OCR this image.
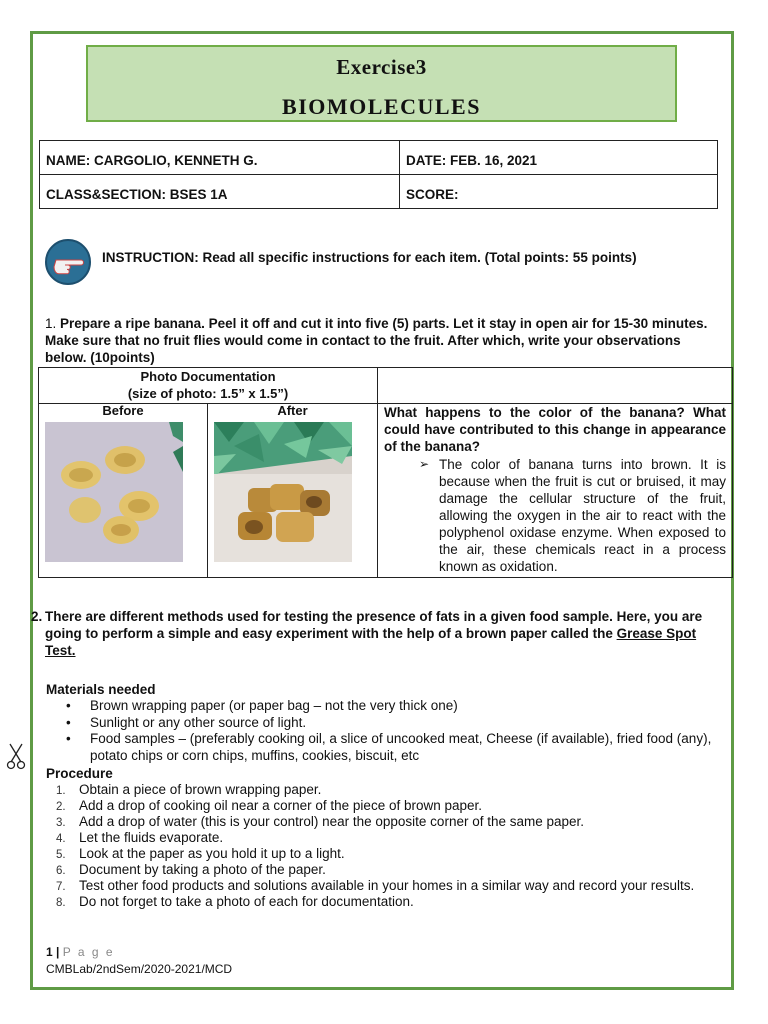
Exercise3
BIOMOLECULES
NAME: CARGOLIO, KENNETH G.	DATE: FEB. 16, 2021
CLASS&SECTION: BSES 1A	SCORE:
INSTRUCTION: Read all specific instructions for each item. (Total points: 55 points)
1. Prepare a ripe banana. Peel it off and cut it into five (5) parts. Let it stay in open air for 15-30 minutes. Make sure that no fruit flies would come in contact to the fruit. After which, write your observations below. (10points)
Photo Documentation
(size of photo: 1.5” x 1.5”)		

Before	After	What happens to the color of the banana? What could have contributed to this change in appearance of the banana?
➢ The color of banana turns into brown. It is because when the fruit is cut or bruised, it may damage the cellular structure of the fruit, allowing the oxygen in the air to react with the polyphenol oxidase enzyme. When exposed to the air, these chemicals react in a process known as oxidation.
2. There are different methods used for testing the presence of fats in a given food sample. Here, you are going to perform a simple and easy experiment with the help of a brown paper called the Grease Spot Test.
Materials needed
• Brown wrapping paper (or paper bag – not the very thick one)
• Sunlight or any other source of light.
• Food samples – (preferably cooking oil, a slice of uncooked meat, Cheese (if available), fried food (any), potato chips or corn chips, muffins, cookies, biscuit, etc
Procedure
1. Obtain a piece of brown wrapping paper.
2. Add a drop of cooking oil near a corner of the piece of brown paper.
3. Add a drop of water (this is your control) near the opposite corner of the same paper.
4. Let the fluids evaporate.
5. Look at the paper as you hold it up to a light.
6. Document by taking a photo of the paper.
7. Test other food products and solutions available in your homes in a similar way and record your results.
8. Do not forget to take a photo of each for documentation.
1 | P a g e
CMBLab/2ndSem/2020-2021/MCD
